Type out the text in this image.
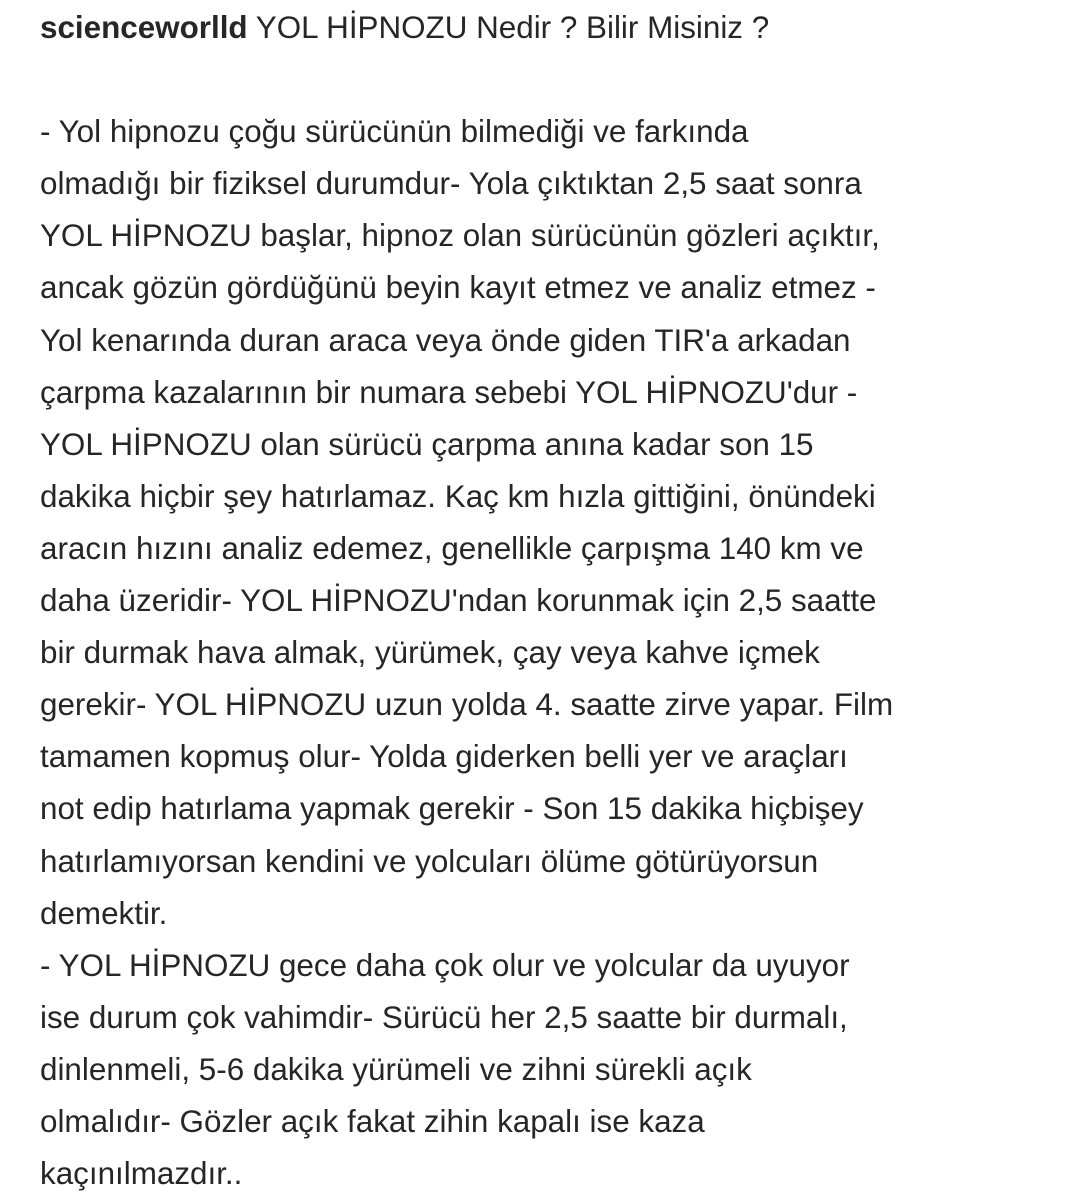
scienceworlld YOL HİPNOZU Nedir ? Bilir Misiniz ?
- Yol hipnozu çoğu sürücünün bilmediği ve farkında
olmadığı bir fiziksel durumdur- Yola çıktıktan 2,5 saat sonra
YOL HİPNOZU başlar, hipnoz olan sürücünün gözleri açıktır,
ancak gözün gördüğünü beyin kayıt etmez ve analiz etmez -
Yol kenarında duran araca veya önde giden TIR'a arkadan
çarpma kazalarının bir numara sebebi YOL HİPNOZU'dur -
YOL HİPNOZU olan sürücü çarpma anına kadar son 15
dakika hiçbir şey hatırlamaz. Kaç km hızla gittiğini, önündeki
aracın hızını analiz edemez, genellikle çarpışma 140 km ve
daha üzeridir- YOL HİPNOZU'ndan korunmak için 2,5 saatte
bir durmak hava almak, yürümek, çay veya kahve içmek
gerekir- YOL HİPNOZU uzun yolda 4. saatte zirve yapar. Film
tamamen kopmuş olur- Yolda giderken belli yer ve araçları
not edip hatırlama yapmak gerekir - Son 15 dakika hiçbişey
hatırlamıyorsan kendini ve yolcuları ölüme götürüyorsun
demektir.
- YOL HİPNOZU gece daha çok olur ve yolcular da uyuyor
ise durum çok vahimdir- Sürücü her 2,5 saatte bir durmalı,
dinlenmeli, 5-6 dakika yürümeli ve zihni sürekli açık
olmalıdır- Gözler açık fakat zihin kapalı ise kaza
kaçınılmazdır..
